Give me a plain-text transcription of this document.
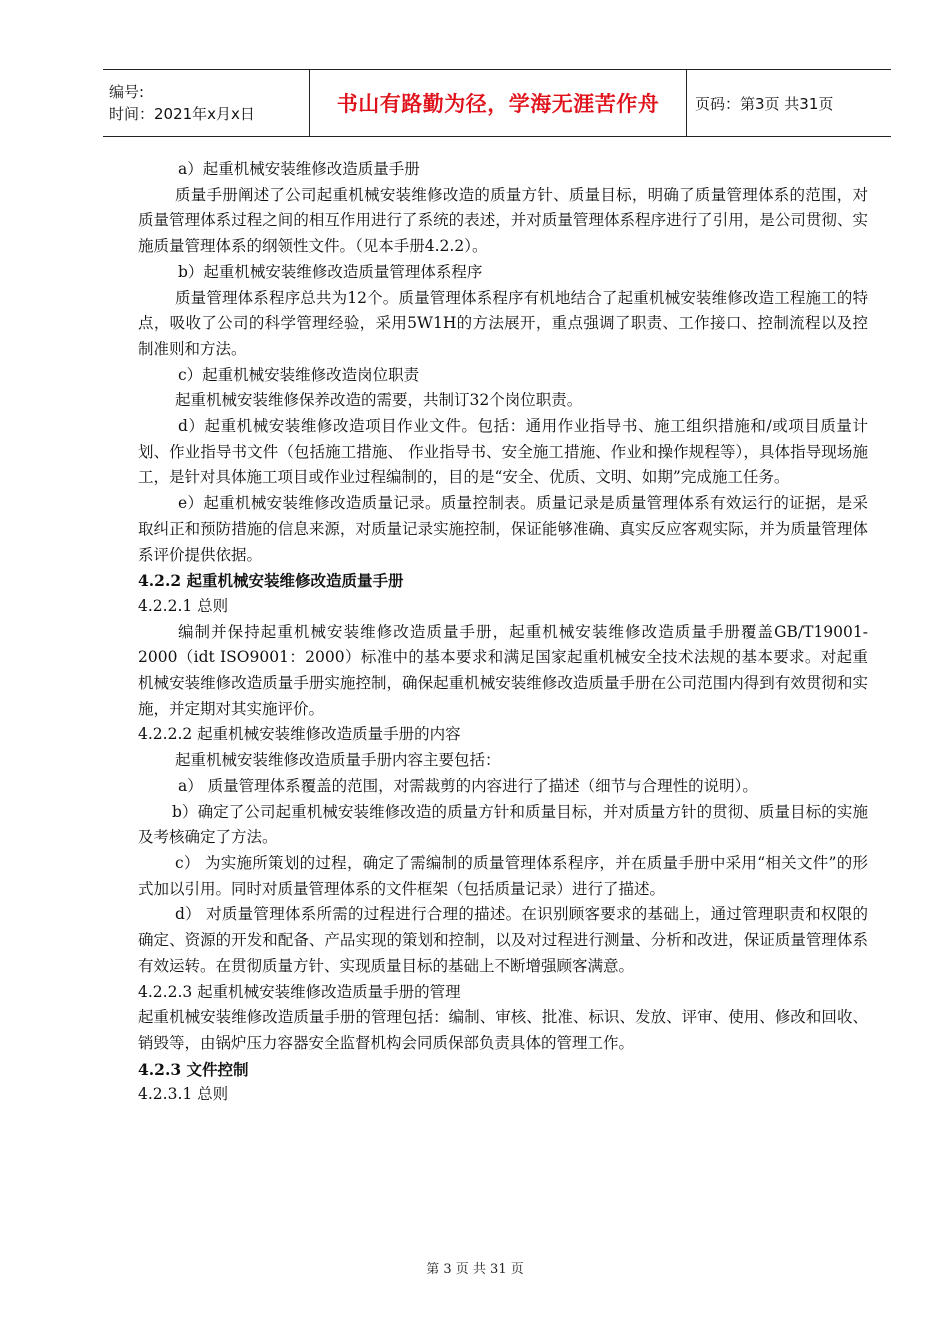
编号:
时间：2021年x月x日	书山有路勤为径，学海无涯苦作舟 页码：第3页 共31页

a）起重机械安装维修改造质量手册

质量手册阐述了公司起重机械安装维修改造的质量方针、质量目标，明确了质量管理体系的范围，对质量管理体系过程之间的相互作用进行了系统的表述，并对质量管理体系程序进行了引用，是公司贯彻、实施质量管理体系的纲领性文件。（见本手册4.2.2）。

b）起重机械安装维修改造质量管理体系程序

质量管理体系程序总共为12个。质量管理体系程序有机地结合了起重机械安装维修改造工程施工的特点，吸收了公司的科学管理经验，采用5W1H的方法展开，重点强调了职责、工作接口、控制流程以及控制准则和方法。

c）起重机械安装维修改造岗位职责

起重机械安装维修保养改造的需要，共制订32个岗位职责。

d）起重机械安装维修改造项目作业文件。包括：通用作业指导书、施工组织措施和/或项目质量计划、作业指导书文件（包括施工措施、 作业指导书、安全施工措施、作业和操作规程等），具体指导现场施工，是针对具体施工项目或作业过程编制的，目的是“安全、优质、文明、如期”完成施工任务。

e）起重机械安装维修改造质量记录。质量控制表。质量记录是质量管理体系有效运行的证据，是采取纠正和预防措施的信息来源，对质量记录实施控制，保证能够准确、真实反应客观实际，并为质量管理体系评价提供依据。

4.2.2 起重机械安装维修改造质量手册

4.2.2.1 总则

编制并保持起重机械安装维修改造质量手册，起重机械安装维修改造质量手册覆盖GB/T19001-2000（idt ISO9001：2000）标准中的基本要求和满足国家起重机械安全技术法规的基本要求。对起重机械安装维修改造质量手册实施控制，确保起重机械安装维修改造质量手册在公司范围内得到有效贯彻和实施，并定期对其实施评价。

4.2.2.2 起重机械安装维修改造质量手册的内容

起重机械安装维修改造质量手册内容主要包括：

a） 质量管理体系覆盖的范围，对需裁剪的内容进行了描述（细节与合理性的说明）。

b）确定了公司起重机械安装维修改造的质量方针和质量目标，并对质量方针的贯彻、质量目标的实施及考核确定了方法。

c） 为实施所策划的过程，确定了需编制的质量管理体系程序，并在质量手册中采用“相关文件”的形式加以引用。同时对质量管理体系的文件框架（包括质量记录）进行了描述。

d） 对质量管理体系所需的过程进行合理的描述。在识别顾客要求的基础上，通过管理职责和权限的确定、资源的开发和配备、产品实现的策划和控制，以及对过程进行测量、分析和改进，保证质量管理体系有效运转。在贯彻质量方针、实现质量目标的基础上不断增强顾客满意。

4.2.2.3 起重机械安装维修改造质量手册的管理

起重机械安装维修改造质量手册的管理包括：编制、审核、批准、标识、发放、评审、使用、修改和回收、销毁等，由锅炉压力容器安全监督机构会同质保部负责具体的管理工作。

4.2.3 文件控制

4.2.3.1 总则

第 3 页 共 31 页
